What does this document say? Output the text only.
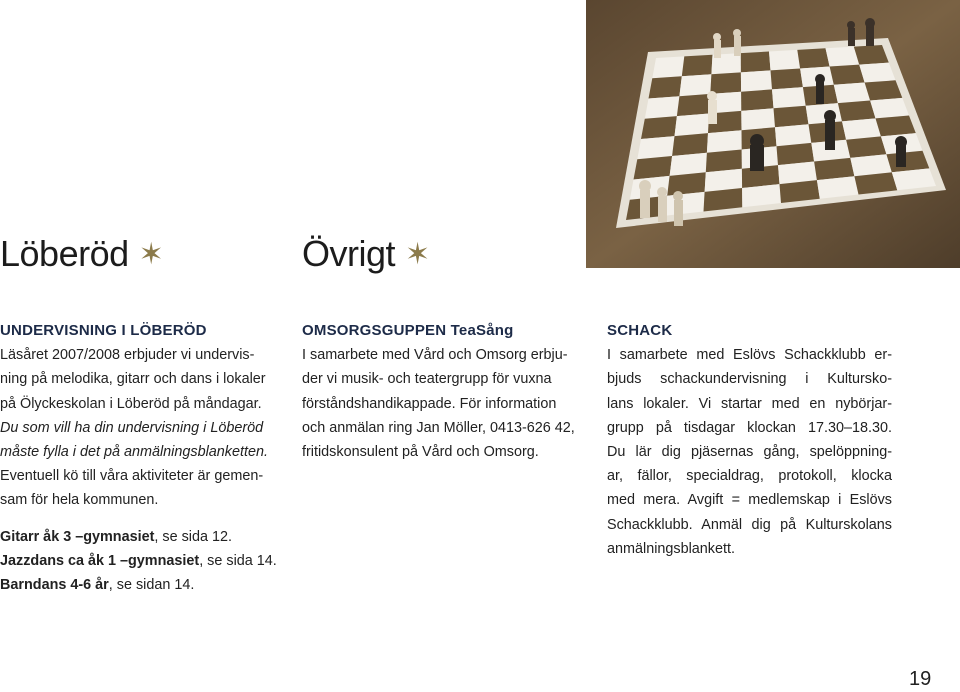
Löberöd ✶	Övrigt ✶
UNDERVISNING I LÖBERÖD
Läsåret 2007/2008 erbjuder vi undervis-
ning på melodika, gitarr och dans i lokaler
på Ölyckeskolan i Löberöd på måndagar.
Du som vill ha din undervisning i Löberöd
måste fylla i det på anmälningsblanketten.
Eventuell kö till våra aktiviteter är gemen-
sam för hela kommunen.
Gitarr åk 3 –gymnasiet, se sida 12.
Jazzdans ca åk 1 –gymnasiet, se sida 14.
Barndans 4-6 år, se sidan 14.
OMSORGSGUPPEN TeaSång
I samarbete med Vård och Omsorg erbju-
der vi musik- och teatergrupp för vuxna
förståndshandikappade. För information
och anmälan ring Jan Möller, 0413-626 42,
fritidskonsulent på Vård och Omsorg.
SCHACK
I samarbete med Eslövs Schackklubb er-
bjuds schackundervisning i Kultursko-
lans lokaler. Vi startar med en nybörjar-
grupp på tisdagar klockan 17.30–18.30.
Du lär dig pjäsernas gång, spelöppning-
ar, fällor, specialdrag, protokoll, klocka
med mera. Avgift = medlemskap i Eslövs
Schackklubb. Anmäl dig på Kulturskolans
anmälningsblankett.
19
